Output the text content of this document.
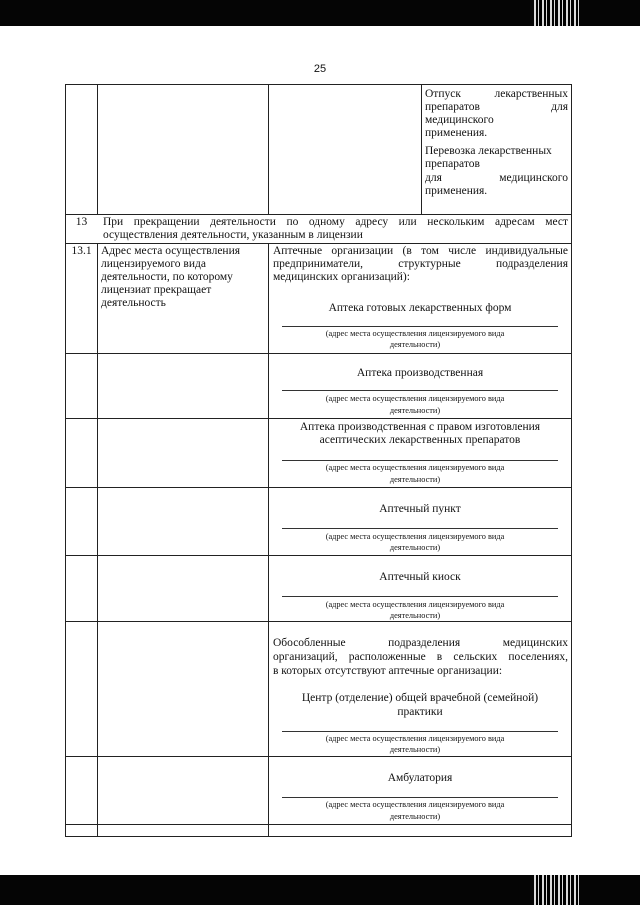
25
Отпуск лекарственных
препаратов для
медицинского
применения.
Перевозка лекарственных
препаратов
для медицинского
применения.
13	При прекращении деятельности по одному адресу или нескольким адресам мест
осуществления деятельности, указанным в лицензии
13.1 Адрес места осуществления
лицензируемого вида
деятельности, по которому
лицензиат прекращает
деятельность
Аптечные организации (в том числе индивидуальные
предприниматели, структурные подразделения
медицинских организаций):
Аптека готовых лекарственных форм
(адрес места осуществления лицензируемого вида
деятельности)
Аптека производственная
(адрес места осуществления лицензируемого вида
деятельности)
Аптека производственная с правом изготовления
асептических лекарственных препаратов
(адрес места осуществления лицензируемого вида
деятельности)
Аптечный пункт
(адрес места осуществления лицензируемого вида
деятельности)
Аптечный киоск
(адрес места осуществления лицензируемого вида
деятельности)
Обособленные подразделения медицинских
организаций, расположенные в сельских поселениях,
в которых отсутствуют аптечные организации:
Центр (отделение) общей врачебной (семейной)
практики
(адрес места осуществления лицензируемого вида
деятельности)
Амбулатория
(адрес места осуществления лицензируемого вида
деятельности)
